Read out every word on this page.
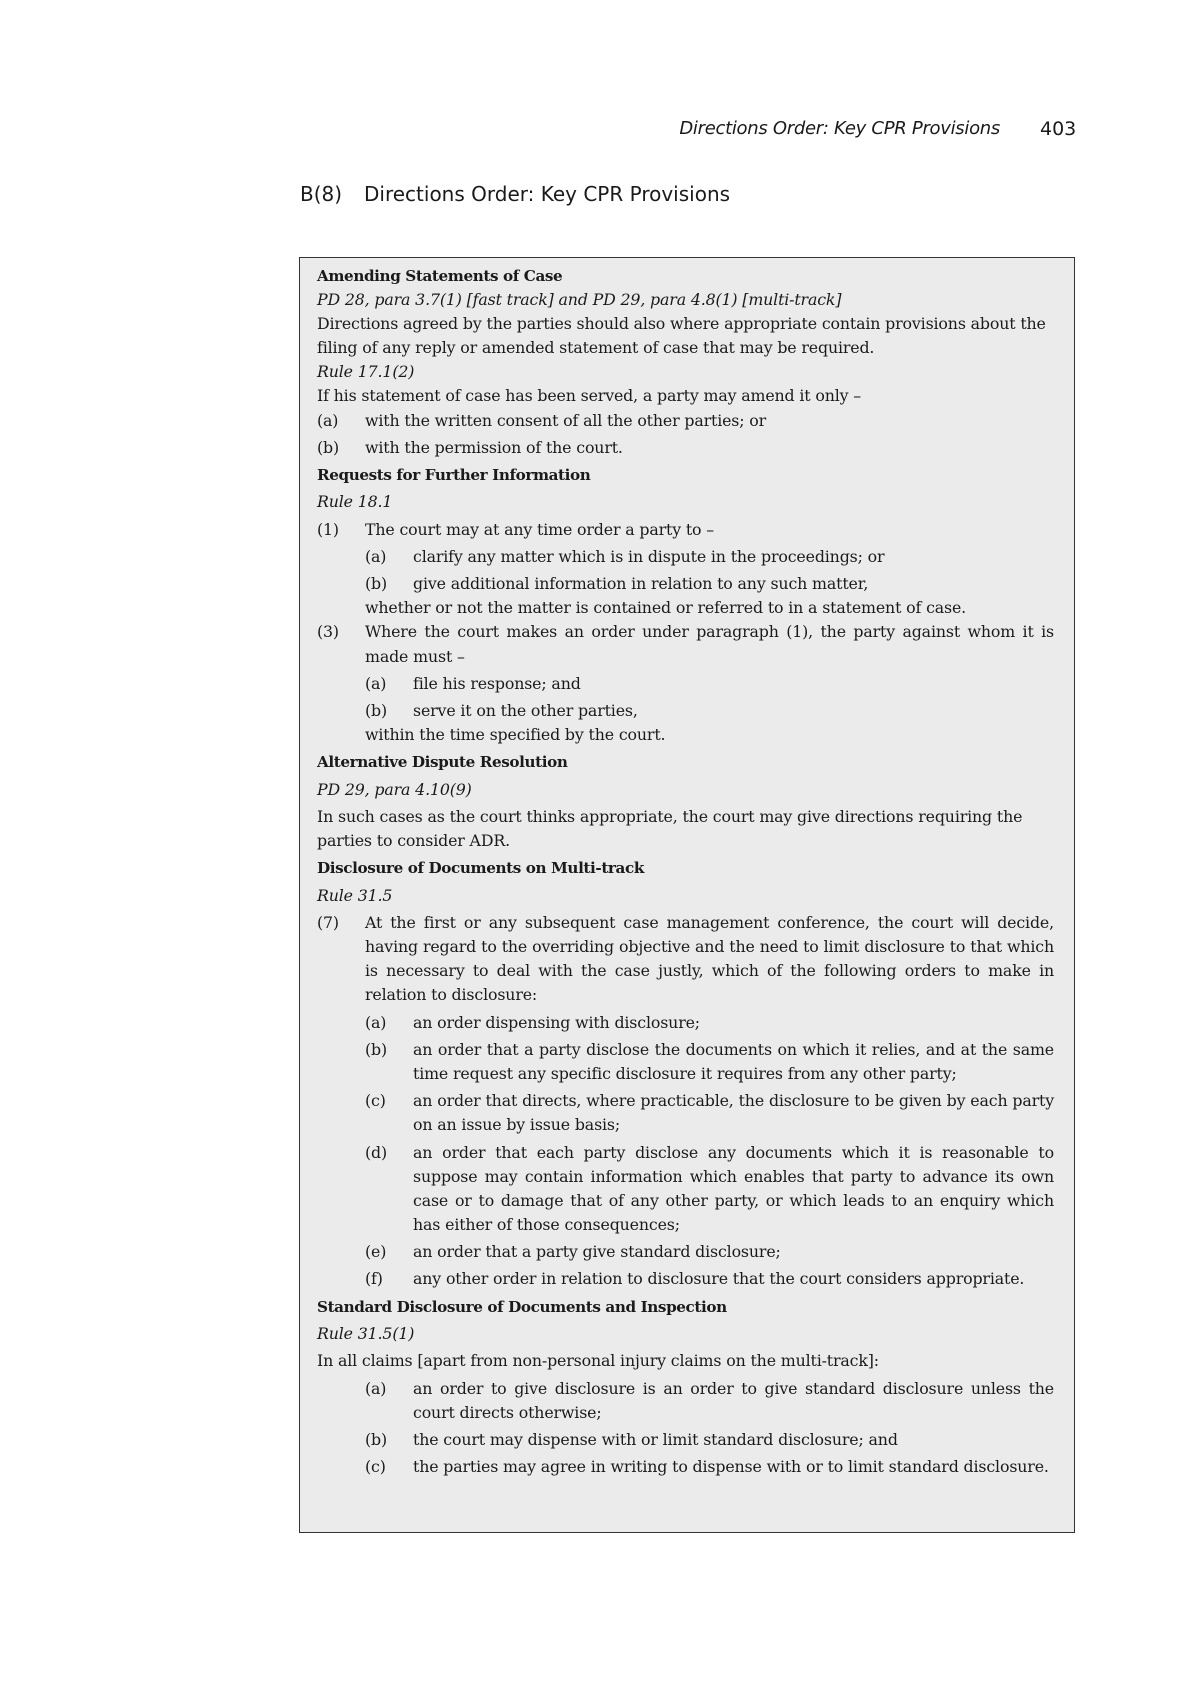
Directions Order: Key CPR Provisions 403
B(8) Directions Order: Key CPR Provisions

Amending Statements of Case

PD 28, para 3.7(1) [fast track] and PD 29, para 4.8(1) [multi-track]

Directions agreed by the parties should also where appropriate contain provisions about the filing of any reply or amended statement of case that may be required.

Rule 17.1(2)

If his statement of case has been served, a party may amend it only –

(a)	with the written consent of all the other parties; or
(b)	with the permission of the court.

Requests for Further Information

Rule 18.1

(1)	The court may at any time order a party to –
(a)	clarify any matter which is in dispute in the proceedings; or
(b)	give additional information in relation to any such matter,

whether or not the matter is contained or referred to in a statement of case.

(3)	Where the court makes an order under paragraph (1), the party against whom it is made must –
(a)	file his response; and
(b)	serve it on the other parties,

within the time specified by the court.

Alternative Dispute Resolution

PD 29, para 4.10(9)

In such cases as the court thinks appropriate, the court may give directions requiring the parties to consider ADR.

Disclosure of Documents on Multi-track

Rule 31.5

(7)	At the first or any subsequent case management conference, the court will decide, having regard to the overriding objective and the need to limit disclosure to that which is necessary to deal with the case justly, which of the following orders to make in relation to disclosure:
(a)	an order dispensing with disclosure;
(b)	an order that a party disclose the documents on which it relies, and at the same time request any specific disclosure it requires from any other party;
(c)	an order that directs, where practicable, the disclosure to be given by each party on an issue by issue basis;
(d)	an order that each party disclose any documents which it is reasonable to suppose may contain information which enables that party to advance its own case or to damage that of any other party, or which leads to an enquiry which has either of those consequences;
(e)	an order that a party give standard disclosure;
(f)	any other order in relation to disclosure that the court considers appropriate.

Standard Disclosure of Documents and Inspection

Rule 31.5(1)

In all claims [apart from non-personal injury claims on the multi-track]:

(a)	an order to give disclosure is an order to give standard disclosure unless the court directs otherwise;
(b)	the court may dispense with or limit standard disclosure; and
(c)	the parties may agree in writing to dispense with or to limit standard disclosure.
